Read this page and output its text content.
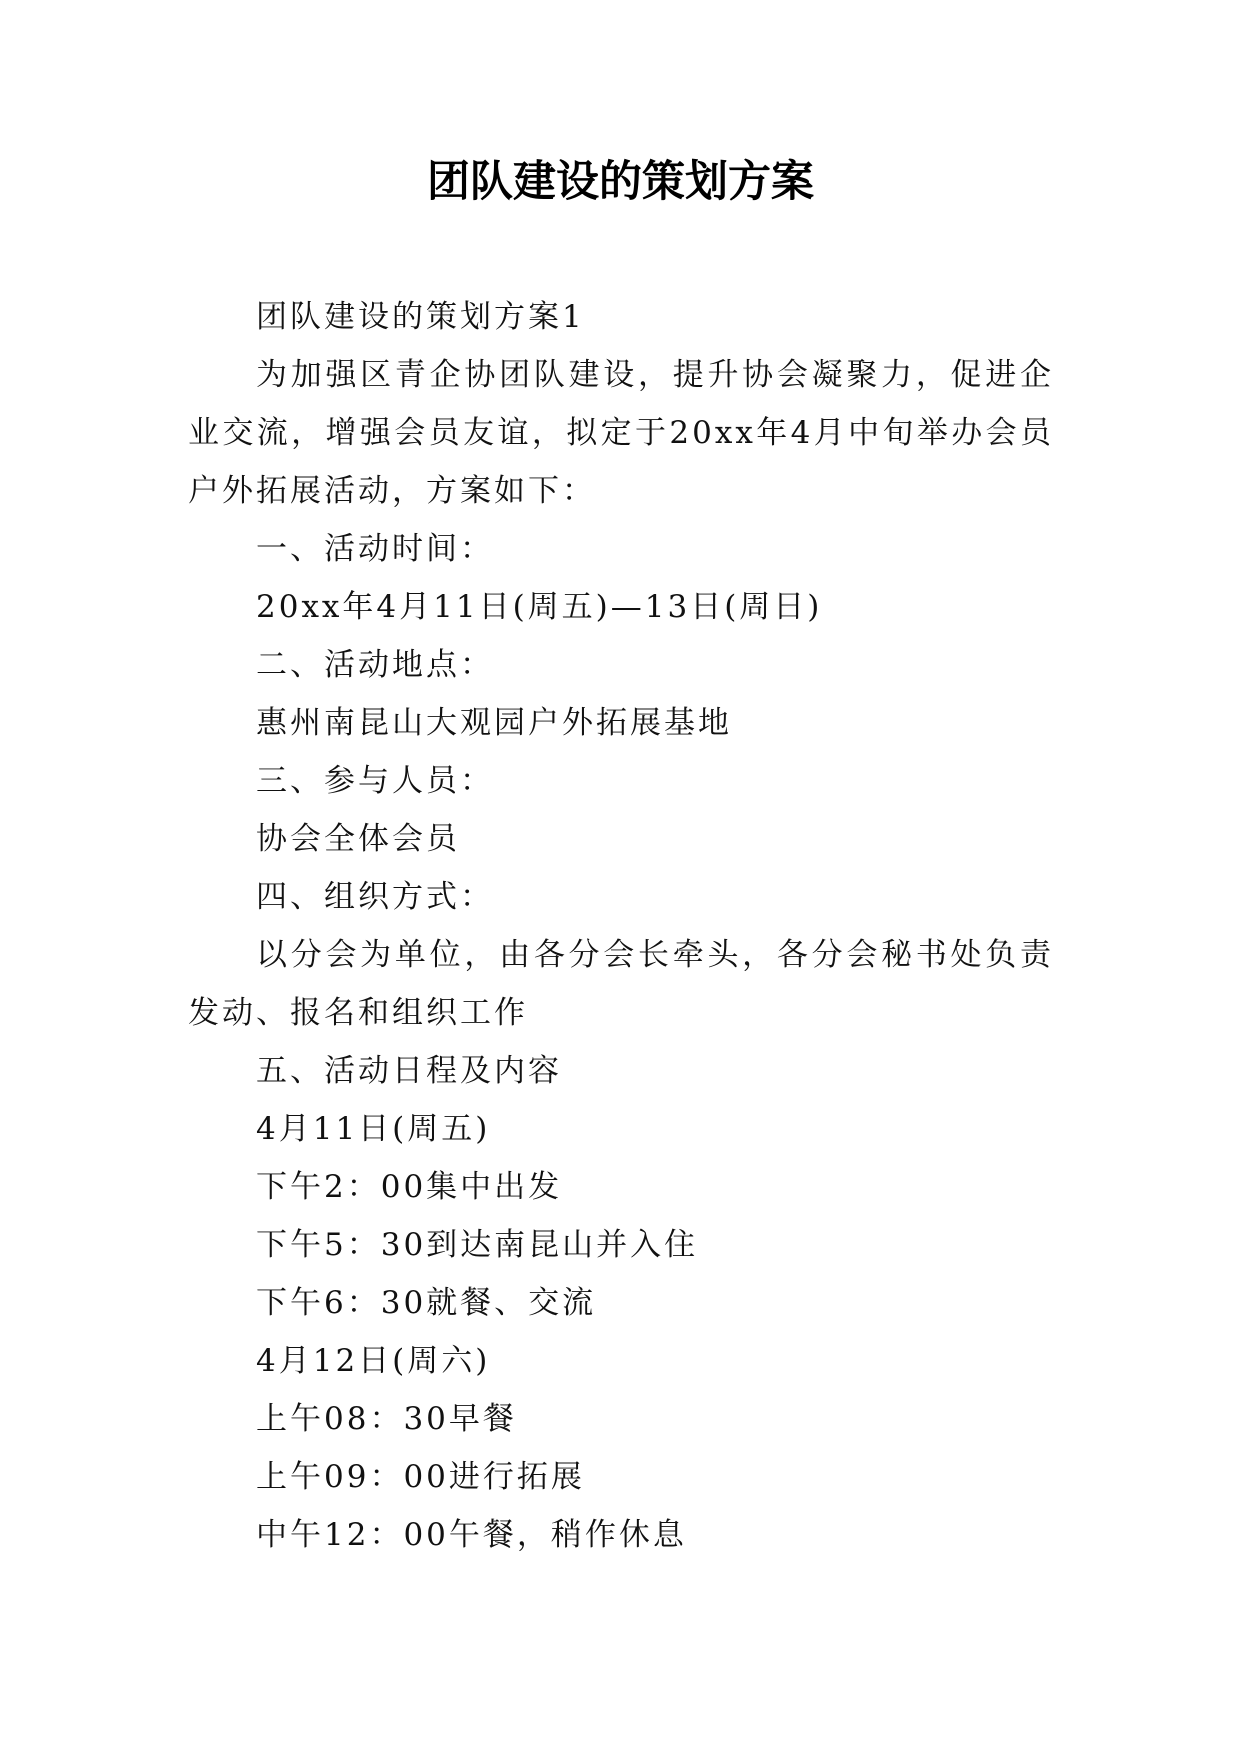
团队建设的策划方案

团队建设的策划方案1

为加强区青企协团队建设，提升协会凝聚力，促进企业交流，增强会员友谊，拟定于20xx年4月中旬举办会员户外拓展活动，方案如下：

一、活动时间：

20xx年4月11日(周五)—13日(周日)

二、活动地点：

惠州南昆山大观园户外拓展基地

三、参与人员：

协会全体会员

四、组织方式：

以分会为单位，由各分会长牵头，各分会秘书处负责发动、报名和组织工作

五、活动日程及内容

4月11日(周五)

下午2：00集中出发

下午5：30到达南昆山并入住

下午6：30就餐、交流

4月12日(周六)

上午08：30早餐

上午09：00进行拓展

中午12：00午餐，稍作休息
